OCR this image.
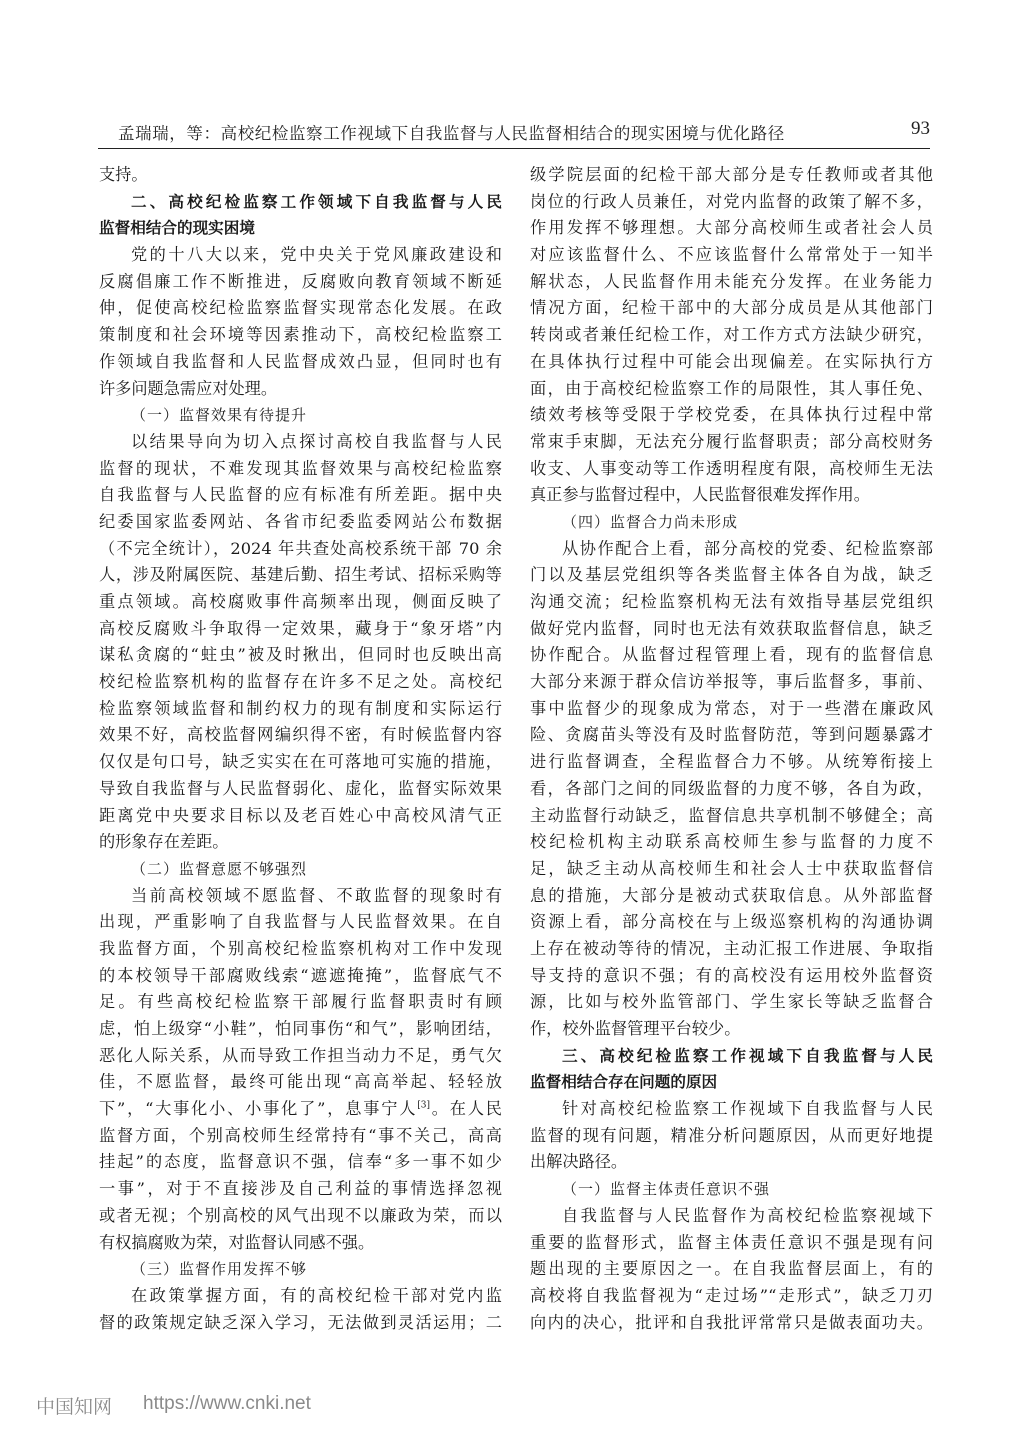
孟瑞瑞，等：高校纪检监察工作视域下自我监督与人民监督相结合的现实困境与优化路径	93
支持。
二、高校纪检监察工作领域下自我监督与人民
监督相结合的现实困境
党的十八大以来，党中央关于党风廉政建设和
反腐倡廉工作不断推进，反腐败向教育领域不断延
伸，促使高校纪检监察监督实现常态化发展。在政
策制度和社会环境等因素推动下，高校纪检监察工
作领域自我监督和人民监督成效凸显，但同时也有
许多问题急需应对处理。
（一）监督效果有待提升
以结果导向为切入点探讨高校自我监督与人民
监督的现状，不难发现其监督效果与高校纪检监察
自我监督与人民监督的应有标准有所差距。据中央
纪委国家监委网站、各省市纪委监委网站公布数据
（不完全统计），2024 年共查处高校系统干部 70 余
人，涉及附属医院、基建后勤、招生考试、招标采购等
重点领域。高校腐败事件高频率出现，侧面反映了
高校反腐败斗争取得一定效果，藏身于“象牙塔”内
谋私贪腐的“蛀虫”被及时揪出，但同时也反映出高
校纪检监察机构的监督存在许多不足之处。高校纪
检监察领域监督和制约权力的现有制度和实际运行
效果不好，高校监督网编织得不密，有时候监督内容
仅仅是句口号，缺乏实实在在可落地可实施的措施，
导致自我监督与人民监督弱化、虚化，监督实际效果
距离党中央要求目标以及老百姓心中高校风清气正
的形象存在差距。
（二）监督意愿不够强烈
当前高校领域不愿监督、不敢监督的现象时有
出现，严重影响了自我监督与人民监督效果。在自
我监督方面，个别高校纪检监察机构对工作中发现
的本校领导干部腐败线索“遮遮掩掩”，监督底气不
足。有些高校纪检监察干部履行监督职责时有顾
虑，怕上级穿“小鞋”，怕同事伤“和气”，影响团结，
恶化人际关系，从而导致工作担当动力不足，勇气欠
佳，不愿监督，最终可能出现“高高举起、轻轻放
下”，“大事化小、小事化了”，息事宁人[3]。在人民
监督方面，个别高校师生经常持有“事不关己，高高
挂起”的态度，监督意识不强，信奉“多一事不如少
一事”，对于不直接涉及自己利益的事情选择忽视
或者无视；个别高校的风气出现不以廉政为荣，而以
有权搞腐败为荣，对监督认同感不强。
（三）监督作用发挥不够
在政策掌握方面，有的高校纪检干部对党内监
督的政策规定缺乏深入学习，无法做到灵活运用；二
级学院层面的纪检干部大部分是专任教师或者其他
岗位的行政人员兼任，对党内监督的政策了解不多，
作用发挥不够理想。大部分高校师生或者社会人员
对应该监督什么、不应该监督什么常常处于一知半
解状态，人民监督作用未能充分发挥。在业务能力
情况方面，纪检干部中的大部分成员是从其他部门
转岗或者兼任纪检工作，对工作方式方法缺少研究，
在具体执行过程中可能会出现偏差。在实际执行方
面，由于高校纪检监察工作的局限性，其人事任免、
绩效考核等受限于学校党委，在具体执行过程中常
常束手束脚，无法充分履行监督职责；部分高校财务
收支、人事变动等工作透明程度有限，高校师生无法
真正参与监督过程中，人民监督很难发挥作用。
（四）监督合力尚未形成
从协作配合上看，部分高校的党委、纪检监察部
门以及基层党组织等各类监督主体各自为战，缺乏
沟通交流；纪检监察机构无法有效指导基层党组织
做好党内监督，同时也无法有效获取监督信息，缺乏
协作配合。从监督过程管理上看，现有的监督信息
大部分来源于群众信访举报等，事后监督多，事前、
事中监督少的现象成为常态，对于一些潜在廉政风
险、贪腐苗头等没有及时监督防范，等到问题暴露才
进行监督调查，全程监督合力不够。从统筹衔接上
看，各部门之间的同级监督的力度不够，各自为政，
主动监督行动缺乏，监督信息共享机制不够健全；高
校纪检机构主动联系高校师生参与监督的力度不
足，缺乏主动从高校师生和社会人士中获取监督信
息的措施，大部分是被动式获取信息。从外部监督
资源上看，部分高校在与上级巡察机构的沟通协调
上存在被动等待的情况，主动汇报工作进展、争取指
导支持的意识不强；有的高校没有运用校外监督资
源，比如与校外监管部门、学生家长等缺乏监督合
作，校外监督管理平台较少。
三、高校纪检监察工作视域下自我监督与人民
监督相结合存在问题的原因
针对高校纪检监察工作视域下自我监督与人民
监督的现有问题，精准分析问题原因，从而更好地提
出解决路径。
（一）监督主体责任意识不强
自我监督与人民监督作为高校纪检监察视域下
重要的监督形式，监督主体责任意识不强是现有问
题出现的主要原因之一。在自我监督层面上，有的
高校将自我监督视为“走过场”“走形式”，缺乏刀刃
向内的决心，批评和自我批评常常只是做表面功夫。
中国知网 https://www.cnki.net
